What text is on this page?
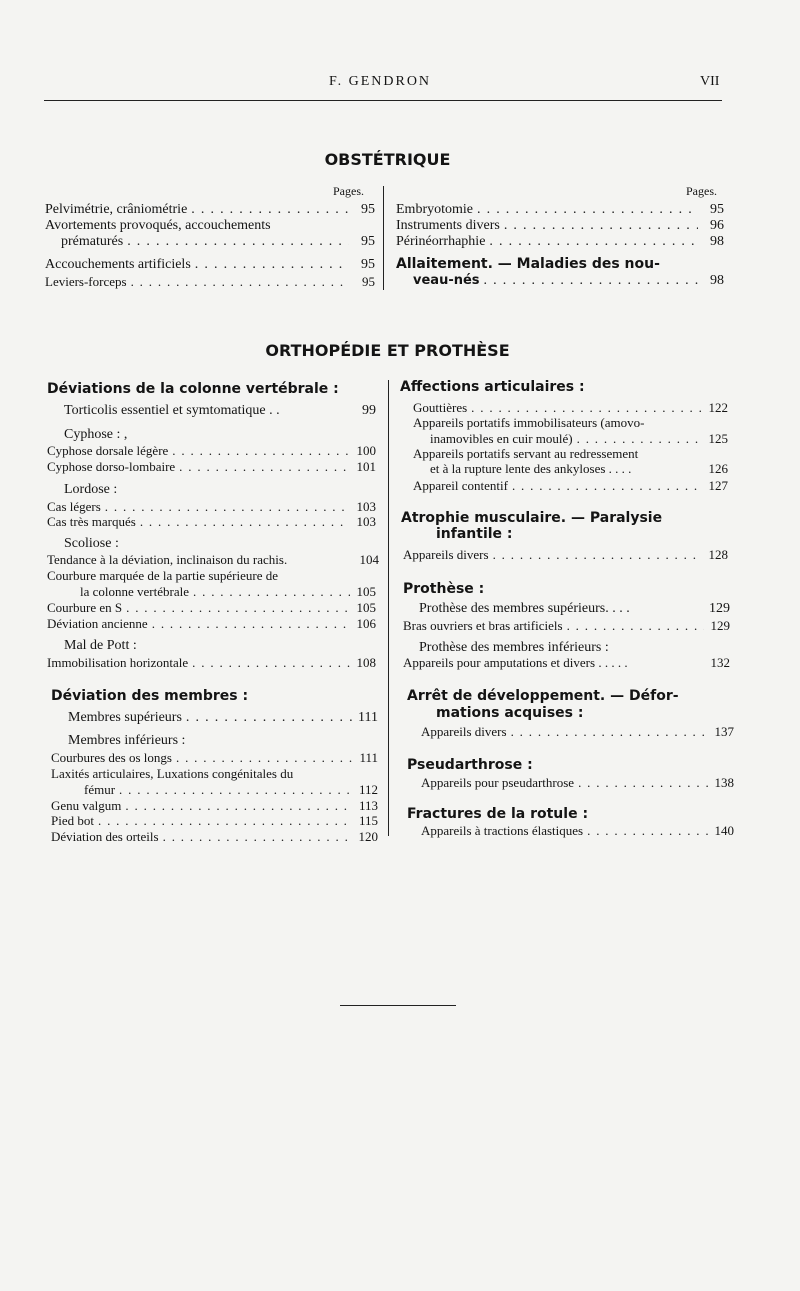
F. GENDRON	VII
OBSTÉTRIQUE
Pages.	Pages.
Pelvimétrie, crâniométrie . . .	95
Avortements provoqués, accouchements
prématurés . . .	95
Accouchements artificiels . . .	95
Leviers-forceps . . .	95
Embryotomie . . .	95
Instruments divers . . .	96
Périnéorrhaphie . . .	98
Allaitement. — Maladies des nou-
veau-nés . . .	98
ORTHOPÉDIE ET PROTHÈSE
Déviations de la colonne vertébrale :
Torticolis essentiel et symtomatique . .	99
Cyphose : ,
Cyphose dorsale légère . . .	100
Cyphose dorso-lombaire . . .	101
Lordose :
Cas légers . . .	103
Cas très marqués . . .	103
Scoliose :
Tendance à la déviation, inclinaison du rachis.	104
Courbure marquée de la partie supérieure de
la colonne vertébrale . . .	105
Courbure en S . . .	105
Déviation ancienne . . .	106
Mal de Pott :
Immobilisation horizontale . . .	108
Déviation des membres :
Membres supérieurs . . .	111
Membres inférieurs :
Courbures des os longs . . .	111
Laxités articulaires, Luxations congénitales du
fémur . . .	112
Genu valgum . . .	113
Pied bot . . .	115
Déviation des orteils . . .	120
Affections articulaires :
Gouttières . . .	122
Appareils portatifs immobilisateurs (amovo-
inamovibles en cuir moulé) . . .	125
Appareils portatifs servant au redressement
et à la rupture lente des ankyloses . . . .	126
Appareil contentif . . .	127
Atrophie musculaire. — Paralysie
infantile :
Appareils divers . . .	128
Prothèse :
Prothèse des membres supérieurs. . . .	129
Bras ouvriers et bras artificiels . . .	129
Prothèse des membres inférieurs :
Appareils pour amputations et divers . . . . .	132
Arrêt de développement. — Défor-
mations acquises :
Appareils divers . . .	137
Pseudarthrose :
Appareils pour pseudarthrose . . .	138
Fractures de la rotule :
Appareils à tractions élastiques . . .	140
